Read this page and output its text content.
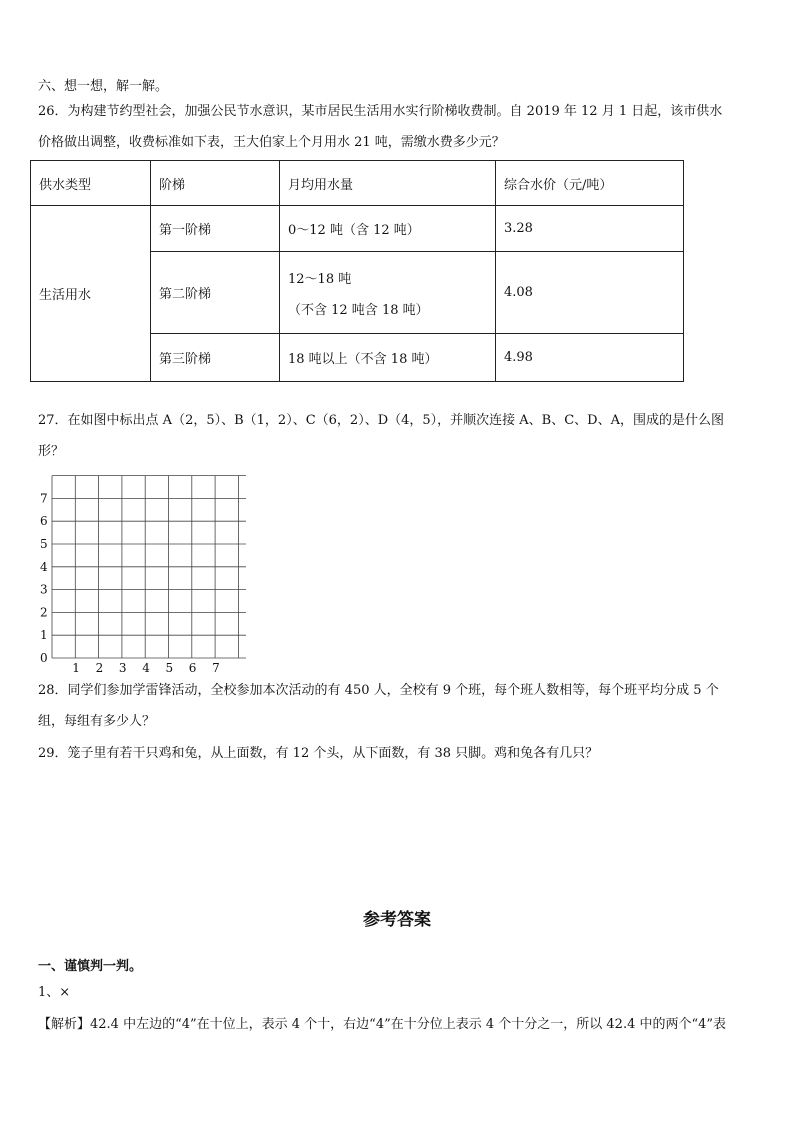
六、想一想，解一解。
26．为构建节约型社会，加强公民节水意识，某市居民生活用水实行阶梯收费制。自 2019 年 12 月 1 日起，该市供水
价格做出调整，收费标准如下表，王大伯家上个月用水 21 吨，需缴水费多少元？
供水类型	阶梯	月均用水量	综合水价（元/吨）
生活用水	第一阶梯	0～12 吨（含 12 吨）	3.28
	第二阶梯	12～18 吨
（不含 12 吨含 18 吨）	4.08
	第三阶梯	18 吨以上（不含 18 吨）	4.98
27．在如图中标出点 A（2，5）、B（1，2）、C（6，2）、D（4，5），并顺次连接 A、B、C、D、A，围成的是什么图
形？
0
1
2
3
4
5
6
7
1 2 3 4 5 6 7
28．同学们参加学雷锋活动，全校参加本次活动的有 450 人，全校有 9 个班，每个班人数相等，每个班平均分成 5 个
组，每组有多少人？
29．笼子里有若干只鸡和兔，从上面数，有 12 个头，从下面数，有 38 只脚。鸡和兔各有几只？
参考答案
一、谨慎判一判。
1、×
【解析】42.4 中左边的“4”在十位上，表示 4 个十，右边“4”在十分位上表示 4 个十分之一，所以 42.4 中的两个“4”表
